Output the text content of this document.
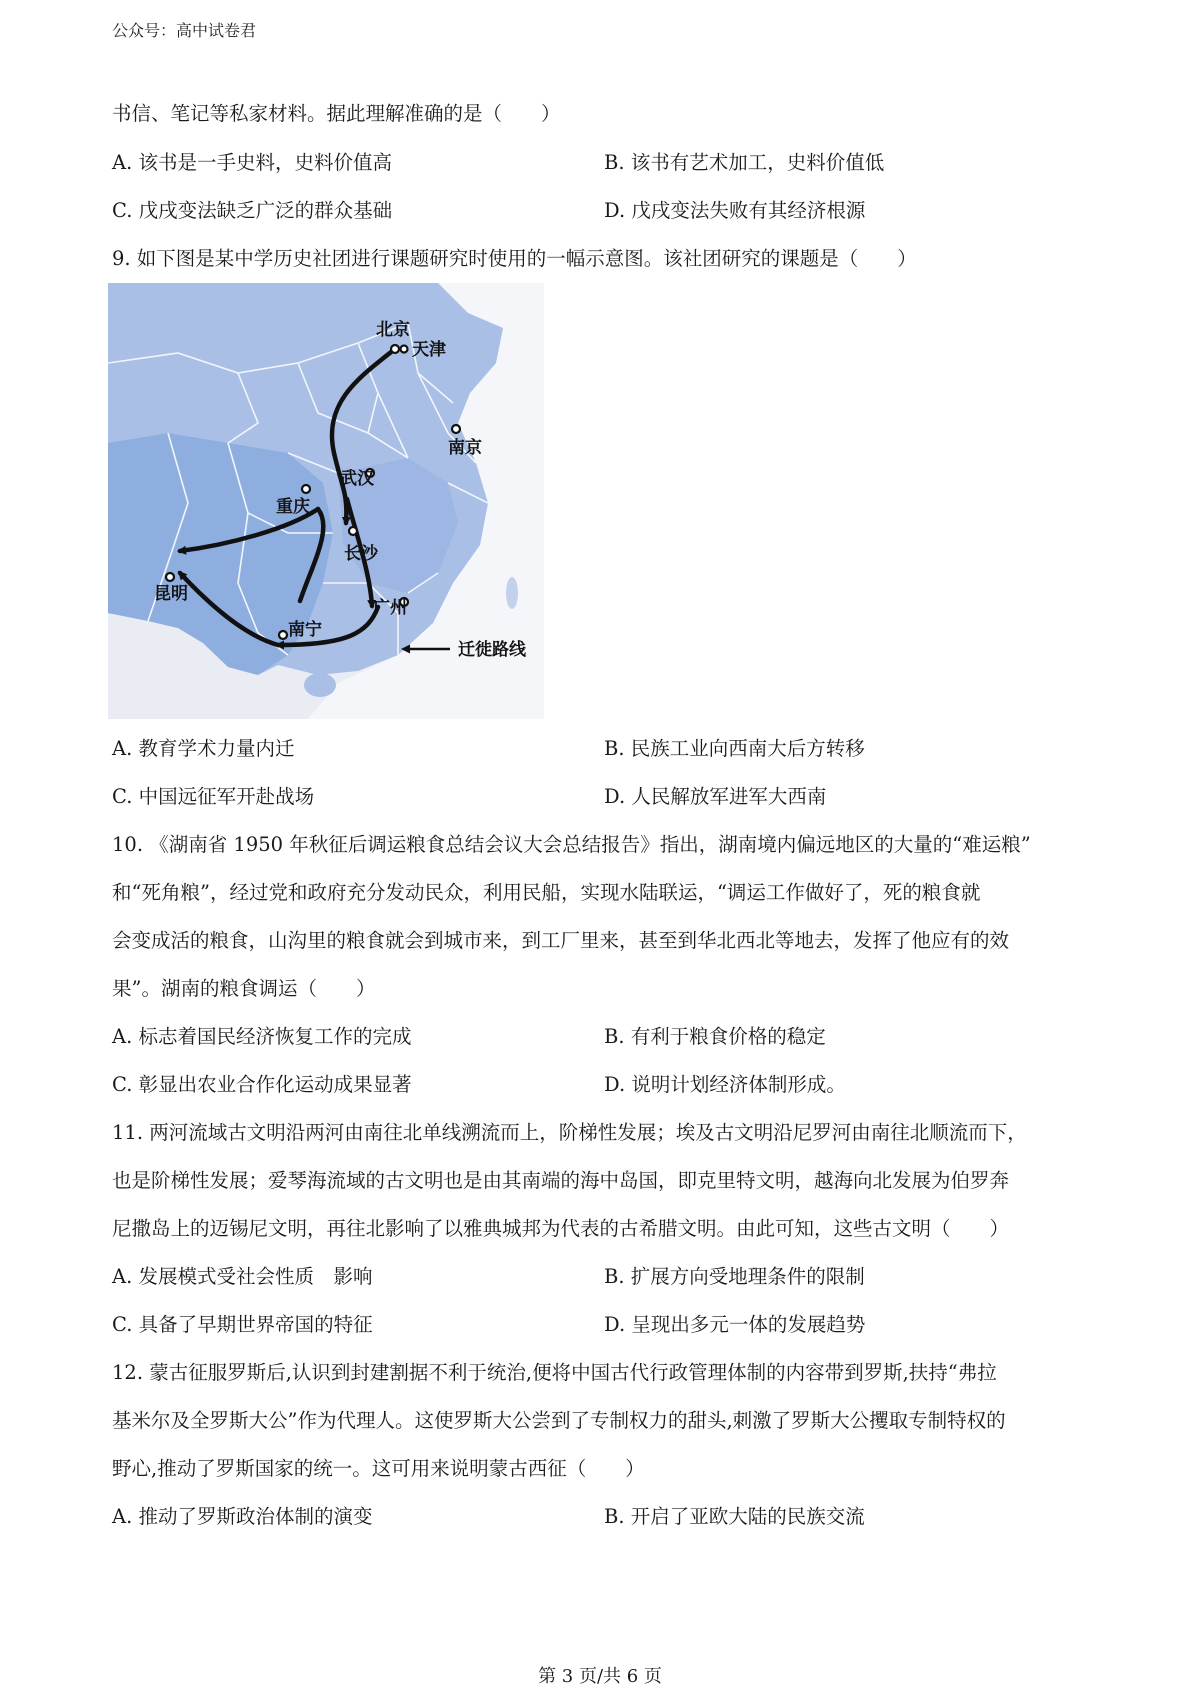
公众号：高中试卷君
书信、笔记等私家材料。据此理解准确的是（　　）
A. 该书是一手史料，史料价值高	B. 该书有艺术加工，史料价值低
C. 戊戌变法缺乏广泛的群众基础	D. 戊戌变法失败有其经济根源
9. 如下图是某中学历史社团进行课题研究时使用的一幅示意图。该社团研究的课题是（　　）
北京
天津
南京
武汉
重庆
长沙
昆明
广州
南宁
迁徙路线
A. 教育学术力量内迁	B. 民族工业向西南大后方转移
C. 中国远征军开赴战场	D. 人民解放军进军大西南
10. 《湖南省 1950 年秋征后调运粮食总结会议大会总结报告》指出，湖南境内偏远地区的大量的“难运粮”
和“死角粮”，经过党和政府充分发动民众，利用民船，实现水陆联运，“调运工作做好了，死的粮食就
会变成活的粮食，山沟里的粮食就会到城市来，到工厂里来，甚至到华北西北等地去，发挥了他应有的效
果”。湖南的粮食调运（　　）
A. 标志着国民经济恢复工作的完成	B. 有利于粮食价格的稳定
C. 彰显出农业合作化运动成果显著	D. 说明计划经济体制形成。
11. 两河流域古文明沿两河由南往北单线溯流而上，阶梯性发展；埃及古文明沿尼罗河由南往北顺流而下，
也是阶梯性发展；爱琴海流域的古文明也是由其南端的海中岛国，即克里特文明，越海向北发展为伯罗奔
尼撒岛上的迈锡尼文明，再往北影响了以雅典城邦为代表的古希腊文明。由此可知，这些古文明（　　）
A. 发展模式受社会性质　影响	B. 扩展方向受地理条件的限制
C. 具备了早期世界帝国的特征	D. 呈现出多元一体的发展趋势
12. 蒙古征服罗斯后,认识到封建割据不利于统治,便将中国古代行政管理体制的内容带到罗斯,扶持“弗拉
基米尔及全罗斯大公”作为代理人。这使罗斯大公尝到了专制权力的甜头,刺激了罗斯大公攫取专制特权的
野心,推动了罗斯国家的统一。这可用来说明蒙古西征（　　）
A. 推动了罗斯政治体制的演变	B. 开启了亚欧大陆的民族交流
第 3 页/共 6 页
